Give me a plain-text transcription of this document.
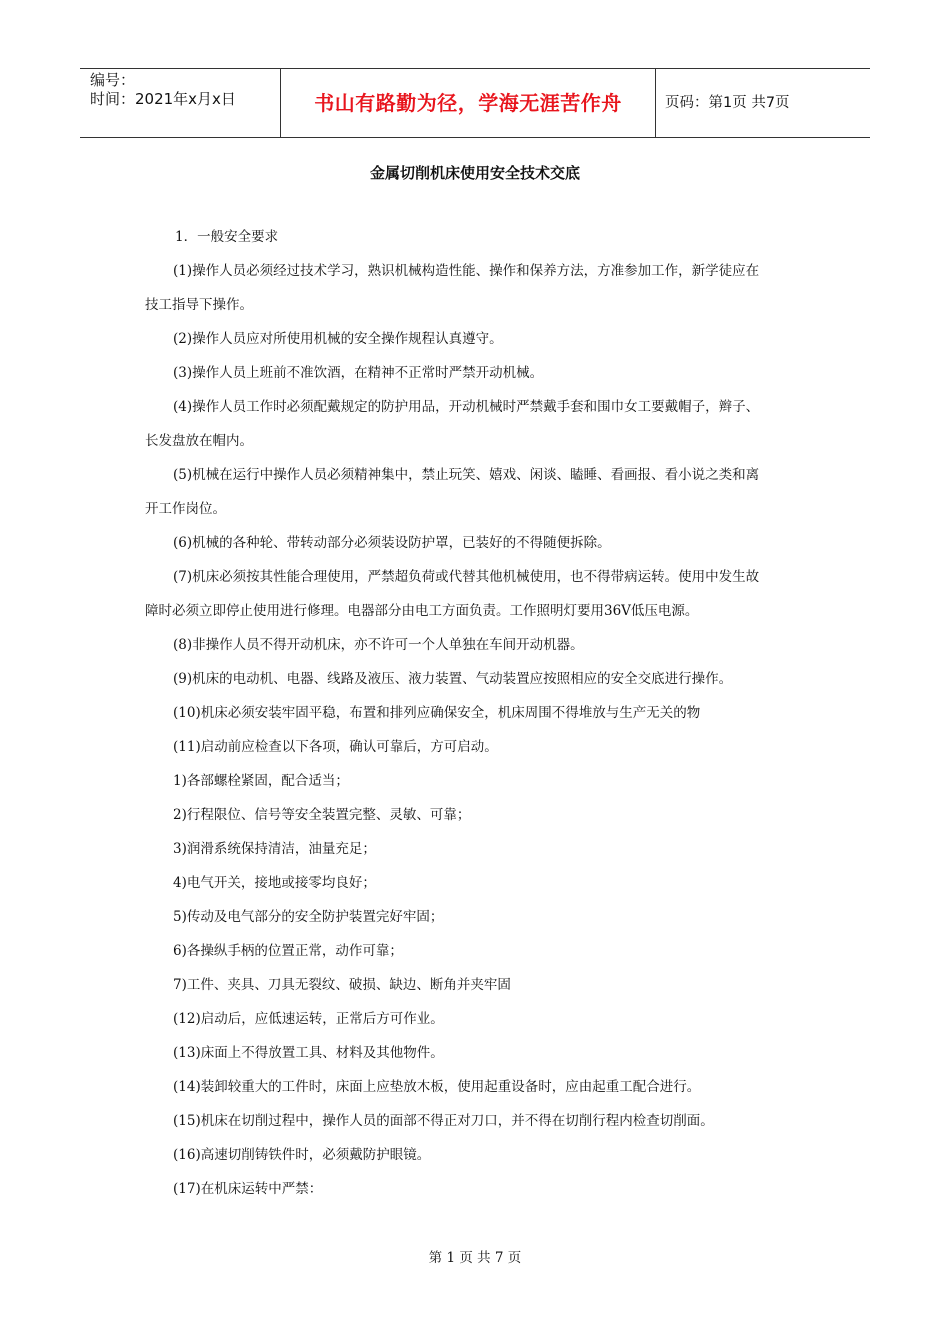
编号：
时间：2021年x月x日	书山有路勤为径，学海无涯苦作舟	页码：第1页 共7页
金属切削机床使用安全技术交底

1．一般安全要求

(1)操作人员必须经过技术学习，熟识机械构造性能、操作和保养方法，方准参加工作，新学徒应在

技工指导下操作。

(2)操作人员应对所使用机械的安全操作规程认真遵守。

(3)操作人员上班前不准饮酒，在精神不正常时严禁开动机械。

(4)操作人员工作时必须配戴规定的防护用品，开动机械时严禁戴手套和围巾女工要戴帽子，辫子、

长发盘放在帽内。

(5)机械在运行中操作人员必须精神集中，禁止玩笑、嬉戏、闲谈、瞌睡、看画报、看小说之类和离

开工作岗位。

(6)机械的各种轮、带转动部分必须装设防护罩，已装好的不得随便拆除。

(7)机床必须按其性能合理使用，严禁超负荷或代替其他机械使用，也不得带病运转。使用中发生故

障时必须立即停止使用进行修理。电器部分由电工方面负责。工作照明灯要用36V低压电源。

(8)非操作人员不得开动机床，亦不许可一个人单独在车间开动机器。

(9)机床的电动机、电器、线路及液压、液力装置、气动装置应按照相应的安全交底进行操作。

(10)机床必须安装牢固平稳，布置和排列应确保安全，机床周围不得堆放与生产无关的物

(11)启动前应检查以下各项，确认可靠后，方可启动。

1)各部螺栓紧固，配合适当；

2)行程限位、信号等安全装置完整、灵敏、可靠；

3)润滑系统保持清洁，油量充足；

4)电气开关，接地或接零均良好；

5)传动及电气部分的安全防护装置完好牢固；

6)各操纵手柄的位置正常，动作可靠；

7)工件、夹具、刀具无裂纹、破损、缺边、断角并夹牢固

(12)启动后，应低速运转，正常后方可作业。

(13)床面上不得放置工具、材料及其他物件。

(14)装卸较重大的工件时，床面上应垫放木板，使用起重设备时，应由起重工配合进行。

(15)机床在切削过程中，操作人员的面部不得正对刀口，并不得在切削行程内检查切削面。

(16)高速切削铸铁件时，必须戴防护眼镜。

(17)在机床运转中严禁：

第 1 页 共 7 页
